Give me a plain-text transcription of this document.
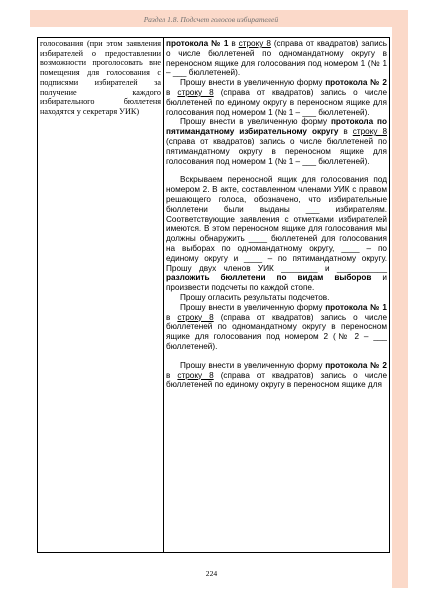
Раздел 1.8. Подсчет голосов избирателей
голосования (при этом заявления избирателей о предоставлении возможности проголосовать вне помещения для голосования с подписями избирателей за получение каждого избирательного бюллетеня находятся у секретаря УИК)

протокола № 1 в строку 8 (справа от квадратов) запись о числе бюллетеней по одномандатному округу в переносном ящике для голосования под номером 1 (№ 1 – ___ бюллетеней).

Прошу внести в увеличенную форму протокола № 2 в строку 8 (справа от квадратов) запись о числе бюллетеней по единому округу в переносном ящике для голосования под номером 1 (№ 1 – ___ бюллетеней).

Прошу внести в увеличенную форму протокола по пятимандатному избирательному округу в строку 8 (справа от квадратов) запись о числе бюллетеней по пятимандатному округу в переносном ящике для голосования под номером 1 (№ 1 – ___ бюллетеней).

Вскрываем переносной ящик для голосования под номером 2. В акте, составленном членами УИК с правом решающего голоса, обозначено, что избирательные бюллетени были выданы ___ избирателям. Соответствующие заявления с отметками избирателей имеются. В этом переносном ящике для голосования мы должны обнаружить ____ бюллетеней для голосования на выборах по одномандатному округу, ____ – по единому округу и ____ – по пятимандатному округу. Прошу двух членов УИК ________ и ___________ разложить бюллетени по видам выборов и произвести подсчеты по каждой стопе.

Прошу огласить результаты подсчетов.

Прошу внести в увеличенную форму протокола № 1 в строку 8 (справа от квадратов) запись о числе бюллетеней по одномандатному округу в переносном ящике для голосования под номером 2 (№ 2 – ___ бюллетеней).

Прошу внести в увеличенную форму протокола № 2 в строку 8 (справа от квадратов) запись о числе бюллетеней по единому округу в переносном ящике для

224
